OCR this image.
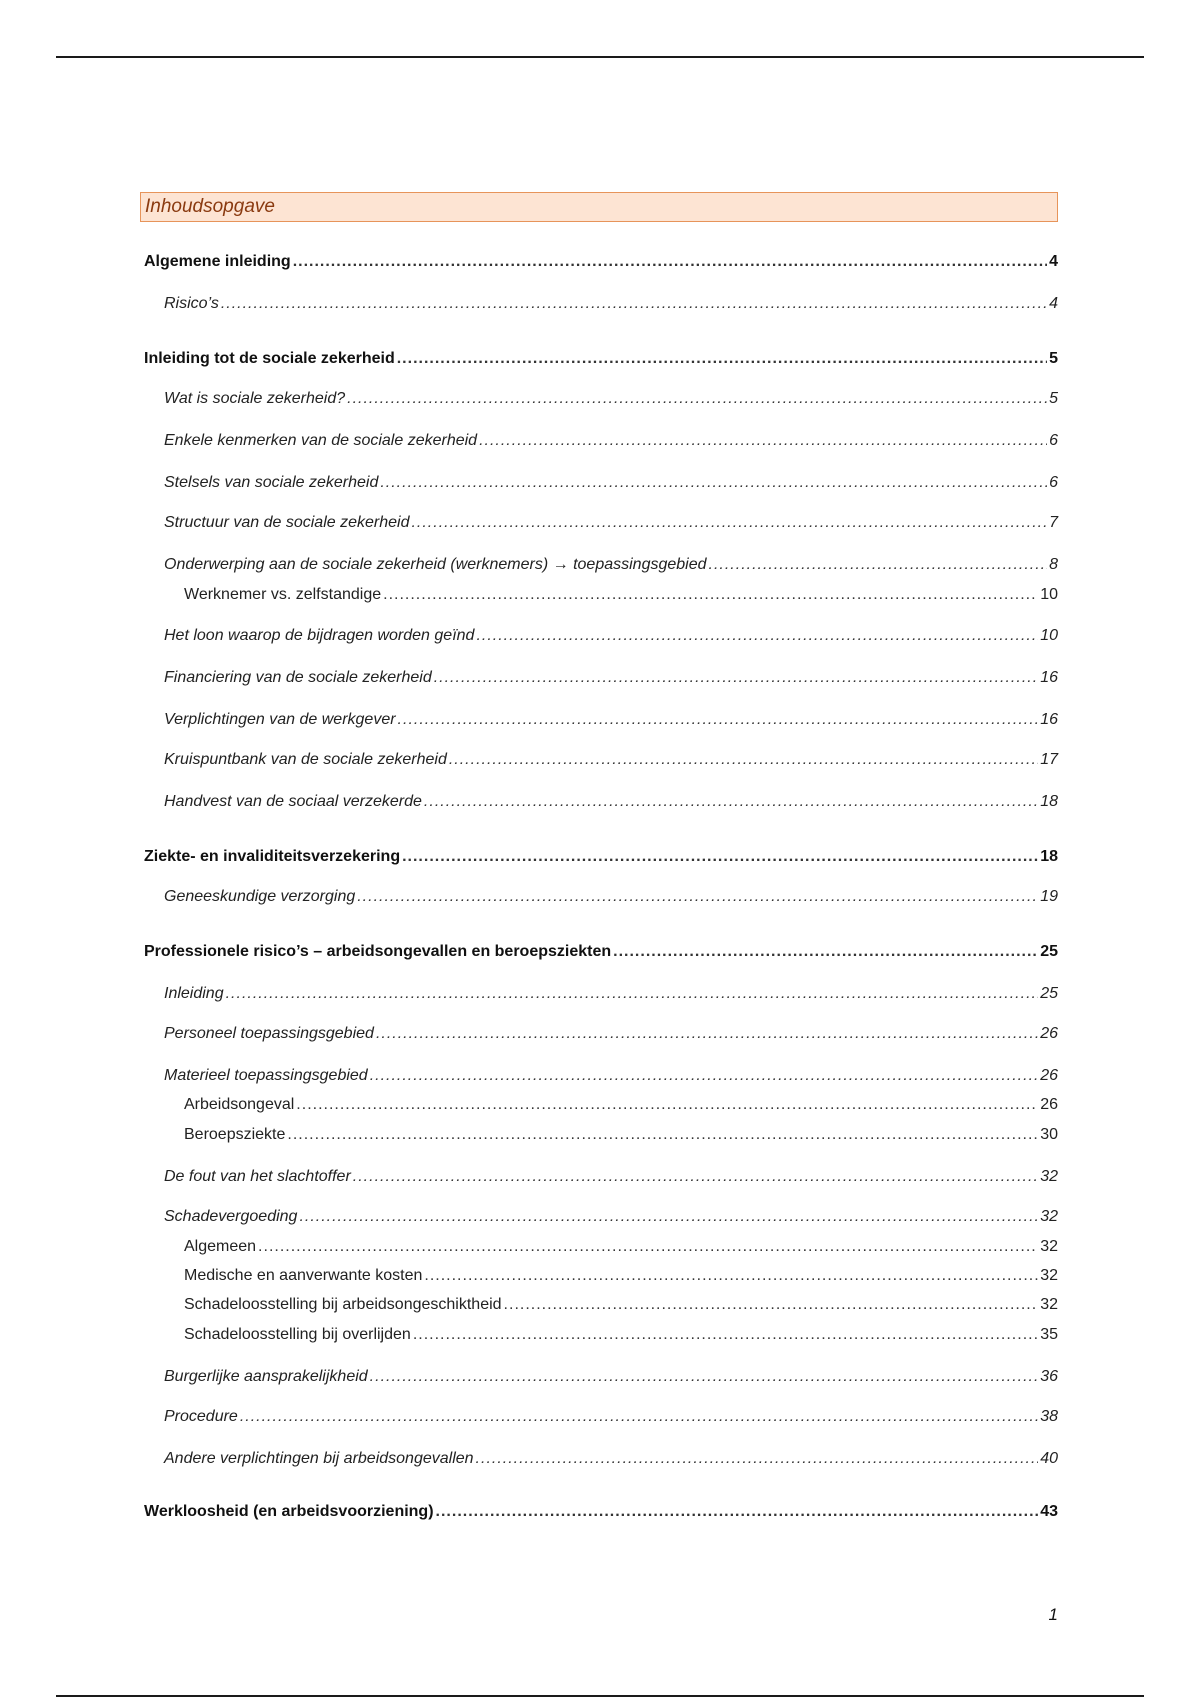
Inhoudsopgave
Algemene inleiding .....	4
Risico’s .....	4
Inleiding tot de sociale zekerheid .....	5
Wat is sociale zekerheid? .....	5
Enkele kenmerken van de sociale zekerheid .....	6
Stelsels van sociale zekerheid .....	6
Structuur van de sociale zekerheid .....	7
Onderwerping aan de sociale zekerheid (werknemers) → toepassingsgebied .....	8
Werknemer vs. zelfstandige .....	10
Het loon waarop de bijdragen worden geïnd .....	10
Financiering van de sociale zekerheid .....	16
Verplichtingen van de werkgever .....	16
Kruispuntbank van de sociale zekerheid .....	17
Handvest van de sociaal verzekerde .....	18
Ziekte- en invaliditeitsverzekering .....	18
Geneeskundige verzorging .....	19
Professionele risico’s – arbeidsongevallen en beroepsziekten .....	25
Inleiding .....	25
Personeel toepassingsgebied .....	26
Materieel toepassingsgebied .....	26
Arbeidsongeval .....	26
Beroepsziekte .....	30
De fout van het slachtoffer .....	32
Schadevergoeding .....	32
Algemeen .....	32
Medische en aanverwante kosten .....	32
Schadeloosstelling bij arbeidsongeschiktheid .....	32
Schadeloosstelling bij overlijden .....	35
Burgerlijke aansprakelijkheid .....	36
Procedure .....	38
Andere verplichtingen bij arbeidsongevallen .....	40
Werkloosheid (en arbeidsvoorziening) .....	43
1
